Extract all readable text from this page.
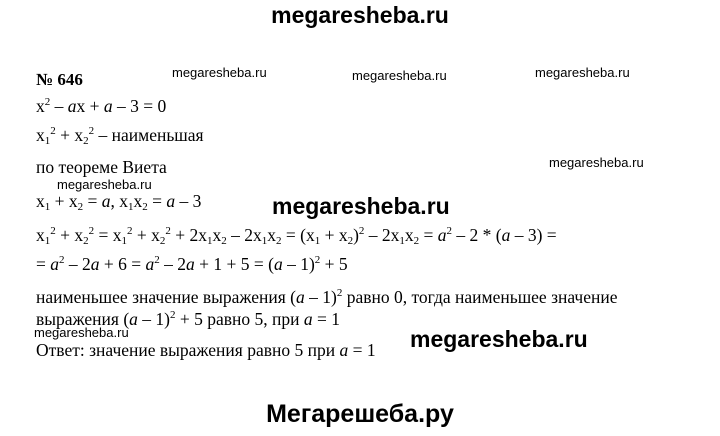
megaresheba.ru
megaresheba.ru	megaresheba.ru	megaresheba.ru
megaresheba.ru
megaresheba.ru
megaresheba.ru
megaresheba.ru	megaresheba.ru
Мегарешеба.ру
№ 646
$x^2$ – ax + a – 3 = 0
$x_1^2 + x_2^2$ – наименьшая
по теореме Виета
$x_1 + x_2 = a$, $x_1x_2 = a - 3$
$x_1^2 + x_2^2 = x_1^2 + x_2^2 + 2x_1x_2 - 2x_1x_2 = (x_1 + x_2)^2 - 2x_1x_2 = a^2 - 2 * (a - 3)$ =
= $a^2 - 2a + 6 = a^2 - 2a + 1 + 5 = (a - 1)^2 + 5$
наименьшее значение выражения (a – 1)$^2$ равно 0, тогда наименьшее значение
выражения (a – 1)$^2$ + 5 равно 5, при a = 1
Ответ: значение выражения равно 5 при a = 1
